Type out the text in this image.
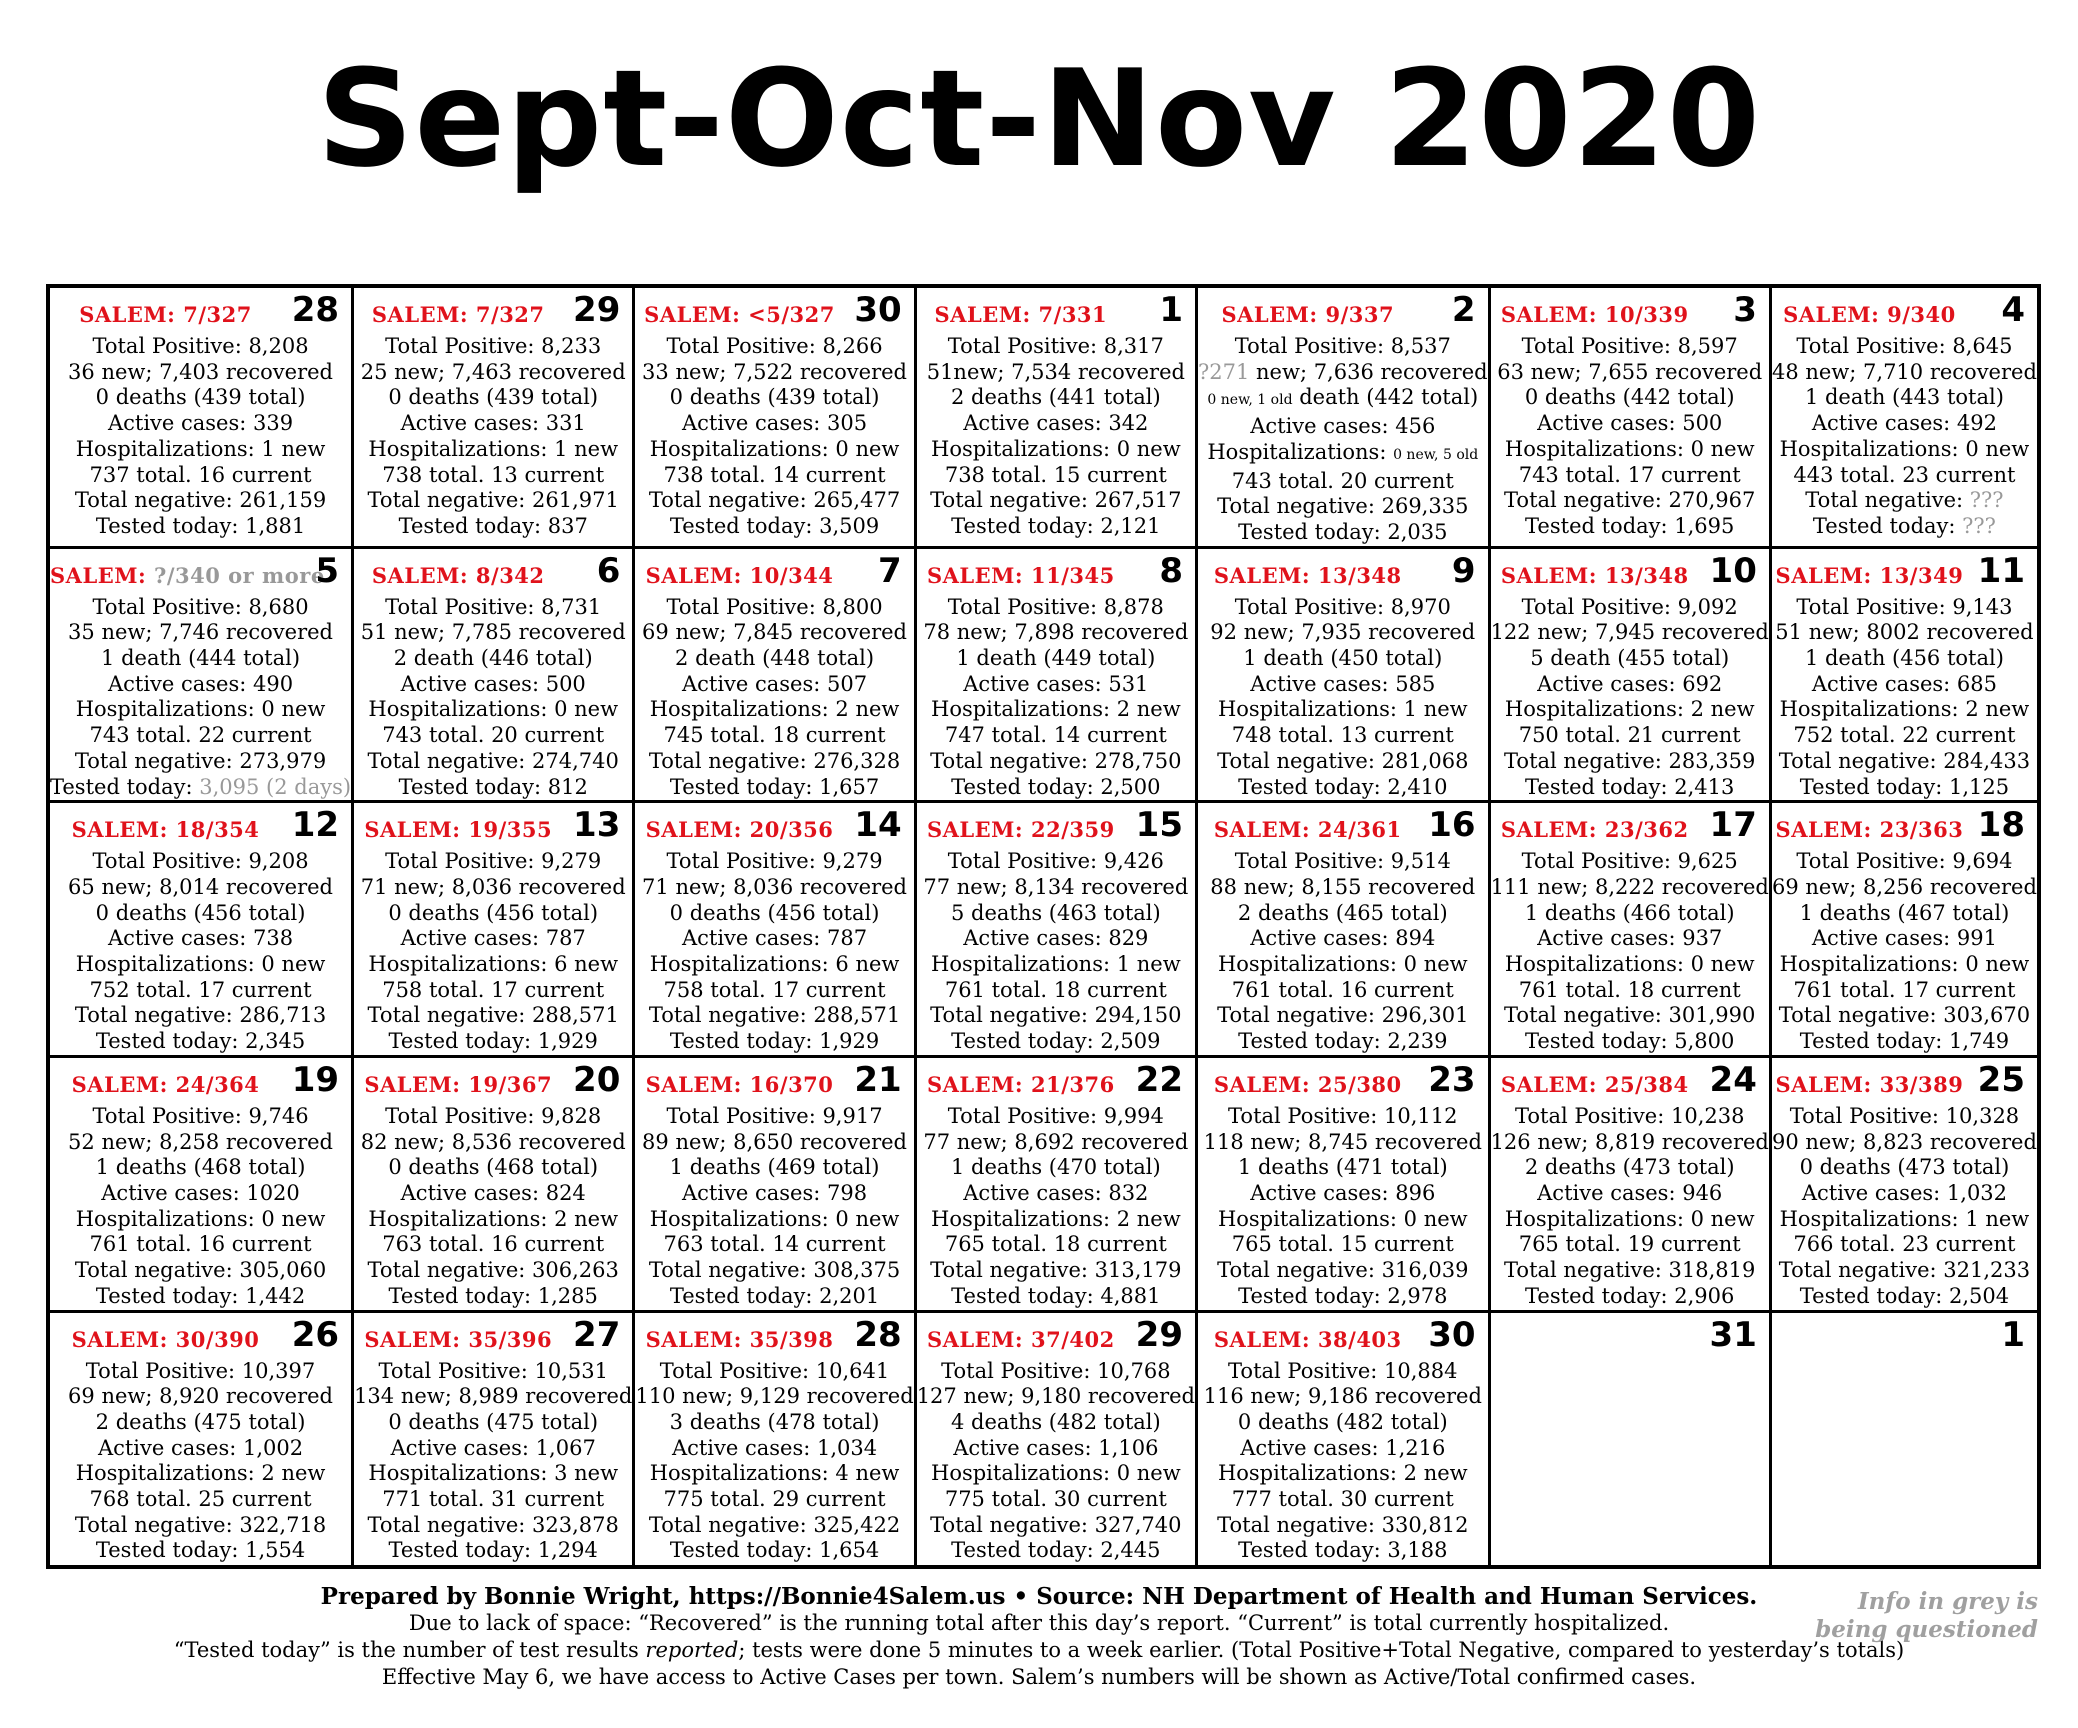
Sept-Oct-Nov 2020
SALEM: 7/327	28
Total Positive: 8,208
36 new; 7,403 recovered
0 deaths (439 total)
Active cases: 339
Hospitalizations: 1 new
737 total. 16 current
Total negative: 261,159
Tested today: 1,881
SALEM: 7/327 29
Total Positive: 8,233
25 new; 7,463 recovered
0 deaths (439 total)
Active cases: 331
Hospitalizations: 1 new
738 total. 13 current
Total negative: 261,971
Tested today: 837
SALEM: <5/327 30
Total Positive: 8,266
33 new; 7,522 recovered
0 deaths (439 total)
Active cases: 305
Hospitalizations: 0 new
738 total. 14 current
Total negative: 265,477
Tested today: 3,509
SALEM: 7/331	1
Total Positive: 8,317
51new; 7,534 recovered
2 deaths (441 total)
Active cases: 342
Hospitalizations: 0 new
738 total. 15 current
Total negative: 267,517
Tested today: 2,121
SALEM: 9/337	2
Total Positive: 8,537
?271 new; 7,636 recovered
0 new, 1 old death (442 total)
Active cases: 456
Hospitalizations: 0 new, 5 old
743 total. 20 current
Total negative: 269,335
Tested today: 2,035
SALEM: 10/339	3
Total Positive: 8,597
63 new; 7,655 recovered
0 deaths (442 total)
Active cases: 500
Hospitalizations: 0 new
743 total. 17 current
Total negative: 270,967
Tested today: 1,695
SALEM: 9/340	4
Total Positive: 8,645
48 new; 7,710 recovered
1 death (443 total)
Active cases: 492
Hospitalizations: 0 new
443 total. 23 current
Total negative: ???
Tested today: ???
SALEM: ?/340 or more
5
Total Positive: 8,680
35 new; 7,746 recovered
1 death (444 total)
Active cases: 490
Hospitalizations: 0 new
743 total. 22 current
Total negative: 273,979
Tested today: 3,095 (2 days)
SALEM: 8/342	6
Total Positive: 8,731
51 new; 7,785 recovered
2 death (446 total)
Active cases: 500
Hospitalizations: 0 new
743 total. 20 current
Total negative: 274,740
Tested today: 812
SALEM: 10/344	7
Total Positive: 8,800
69 new; 7,845 recovered
2 death (448 total)
Active cases: 507
Hospitalizations: 2 new
745 total. 18 current
Total negative: 276,328
Tested today: 1,657
SALEM: 11/345	8
Total Positive: 8,878
78 new; 7,898 recovered
1 death (449 total)
Active cases: 531
Hospitalizations: 2 new
747 total. 14 current
Total negative: 278,750
Tested today: 2,500
SALEM: 13/348	9
Total Positive: 8,970
92 new; 7,935 recovered
1 death (450 total)
Active cases: 585
Hospitalizations: 1 new
748 total. 13 current
Total negative: 281,068
Tested today: 2,410
SALEM: 13/348 10
Total Positive: 9,092
122 new; 7,945 recovered
5 death (455 total)
Active cases: 692
Hospitalizations: 2 new
750 total. 21 current
Total negative: 283,359
Tested today: 2,413
SALEM: 13/349 11
Total Positive: 9,143
51 new; 8002 recovered
1 death (456 total)
Active cases: 685
Hospitalizations: 2 new
752 total. 22 current
Total negative: 284,433
Tested today: 1,125
SALEM: 18/354 12
Total Positive: 9,208
65 new; 8,014 recovered
0 deaths (456 total)
Active cases: 738
Hospitalizations: 0 new
752 total. 17 current
Total negative: 286,713
Tested today: 2,345
SALEM: 19/355 13
Total Positive: 9,279
71 new; 8,036 recovered
0 deaths (456 total)
Active cases: 787
Hospitalizations: 6 new
758 total. 17 current
Total negative: 288,571
Tested today: 1,929
SALEM: 20/356 14
Total Positive: 9,279
71 new; 8,036 recovered
0 deaths (456 total)
Active cases: 787
Hospitalizations: 6 new
758 total. 17 current
Total negative: 288,571
Tested today: 1,929
SALEM: 22/359 15
Total Positive: 9,426
77 new; 8,134 recovered
5 deaths (463 total)
Active cases: 829
Hospitalizations: 1 new
761 total. 18 current
Total negative: 294,150
Tested today: 2,509
SALEM: 24/361 16
Total Positive: 9,514
88 new; 8,155 recovered
2 deaths (465 total)
Active cases: 894
Hospitalizations: 0 new
761 total. 16 current
Total negative: 296,301
Tested today: 2,239
SALEM: 23/362 17
Total Positive: 9,625
111 new; 8,222 recovered
1 deaths (466 total)
Active cases: 937
Hospitalizations: 0 new
761 total. 18 current
Total negative: 301,990
Tested today: 5,800
SALEM: 23/363 18
Total Positive: 9,694
69 new; 8,256 recovered
1 deaths (467 total)
Active cases: 991
Hospitalizations: 0 new
761 total. 17 current
Total negative: 303,670
Tested today: 1,749
SALEM: 24/364 19
Total Positive: 9,746
52 new; 8,258 recovered
1 deaths (468 total)
Active cases: 1020
Hospitalizations: 0 new
761 total. 16 current
Total negative: 305,060
Tested today: 1,442
SALEM: 19/367 20
Total Positive: 9,828
82 new; 8,536 recovered
0 deaths (468 total)
Active cases: 824
Hospitalizations: 2 new
763 total. 16 current
Total negative: 306,263
Tested today: 1,285
SALEM: 16/370 21
Total Positive: 9,917
89 new; 8,650 recovered
1 deaths (469 total)
Active cases: 798
Hospitalizations: 0 new
763 total. 14 current
Total negative: 308,375
Tested today: 2,201
SALEM: 21/376 22
Total Positive: 9,994
77 new; 8,692 recovered
1 deaths (470 total)
Active cases: 832
Hospitalizations: 2 new
765 total. 18 current
Total negative: 313,179
Tested today: 4,881
SALEM: 25/380 23
Total Positive: 10,112
118 new; 8,745 recovered
1 deaths (471 total)
Active cases: 896
Hospitalizations: 0 new
765 total. 15 current
Total negative: 316,039
Tested today: 2,978
SALEM: 25/384 24
Total Positive: 10,238
126 new; 8,819 recovered
2 deaths (473 total)
Active cases: 946
Hospitalizations: 0 new
765 total. 19 current
Total negative: 318,819
Tested today: 2,906
SALEM: 33/389 25
Total Positive: 10,328
90 new; 8,823 recovered
0 deaths (473 total)
Active cases: 1,032
Hospitalizations: 1 new
766 total. 23 current
Total negative: 321,233
Tested today: 2,504
SALEM: 30/390 26
Total Positive: 10,397
69 new; 8,920 recovered
2 deaths (475 total)
Active cases: 1,002
Hospitalizations: 2 new
768 total. 25 current
Total negative: 322,718
Tested today: 1,554
SALEM: 35/396 27
Total Positive: 10,531
134 new; 8,989 recovered
0 deaths (475 total)
Active cases: 1,067
Hospitalizations: 3 new
771 total. 31 current
Total negative: 323,878
Tested today: 1,294
SALEM: 35/398 28
Total Positive: 10,641
110 new; 9,129 recovered
3 deaths (478 total)
Active cases: 1,034
Hospitalizations: 4 new
775 total. 29 current
Total negative: 325,422
Tested today: 1,654
SALEM: 37/402 29
Total Positive: 10,768
127 new; 9,180 recovered
4 deaths (482 total)
Active cases: 1,106
Hospitalizations: 0 new
775 total. 30 current
Total negative: 327,740
Tested today: 2,445
SALEM: 38/403 30
Total Positive: 10,884
116 new; 9,186 recovered
0 deaths (482 total)
Active cases: 1,216
Hospitalizations: 2 new
777 total. 30 current
Total negative: 330,812
Tested today: 3,188
31	1
Prepared by Bonnie Wright, https://Bonnie4Salem.us • Source: NH Department of Health and Human Services.
Due to lack of space: “Recovered” is the running total after this day’s report. “Current” is total currently hospitalized.
“Tested today” is the number of test results reported; tests were done 5 minutes to a week earlier. (Total Positive+Total Negative, compared to yesterday’s totals)
Effective May 6, we have access to Active Cases per town. Salem’s numbers will be shown as Active/Total confirmed cases.
Info in grey is
being questioned
